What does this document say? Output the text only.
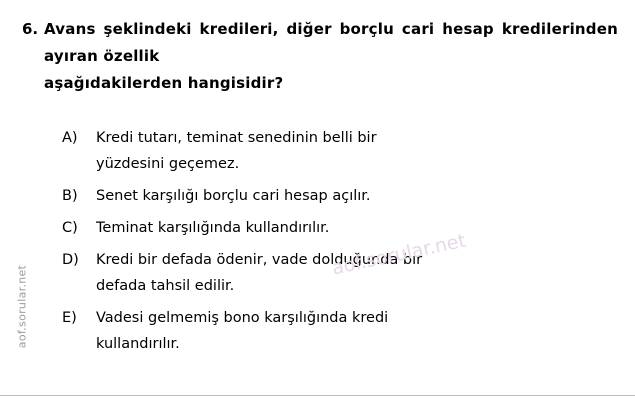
aof.sorular.net
6. Avans şeklindeki kredileri, diğer borçlu cari hesap kredilerinden ayıran özellik
aşağıdakilerden hangisidir?
A)	Kredi tutarı, teminat senedinin belli bir
yüzdesini geçemez.
B)	Senet karşılığı borçlu cari hesap açılır.
C)	Teminat karşılığında kullandırılır.
D)	Kredi bir defada ödenir, vade dolduğunda bir
defada tahsil edilir.
E)	Vadesi gelmemiş bono karşılığında kredi
kullandırılır.
aof.sorular.net
